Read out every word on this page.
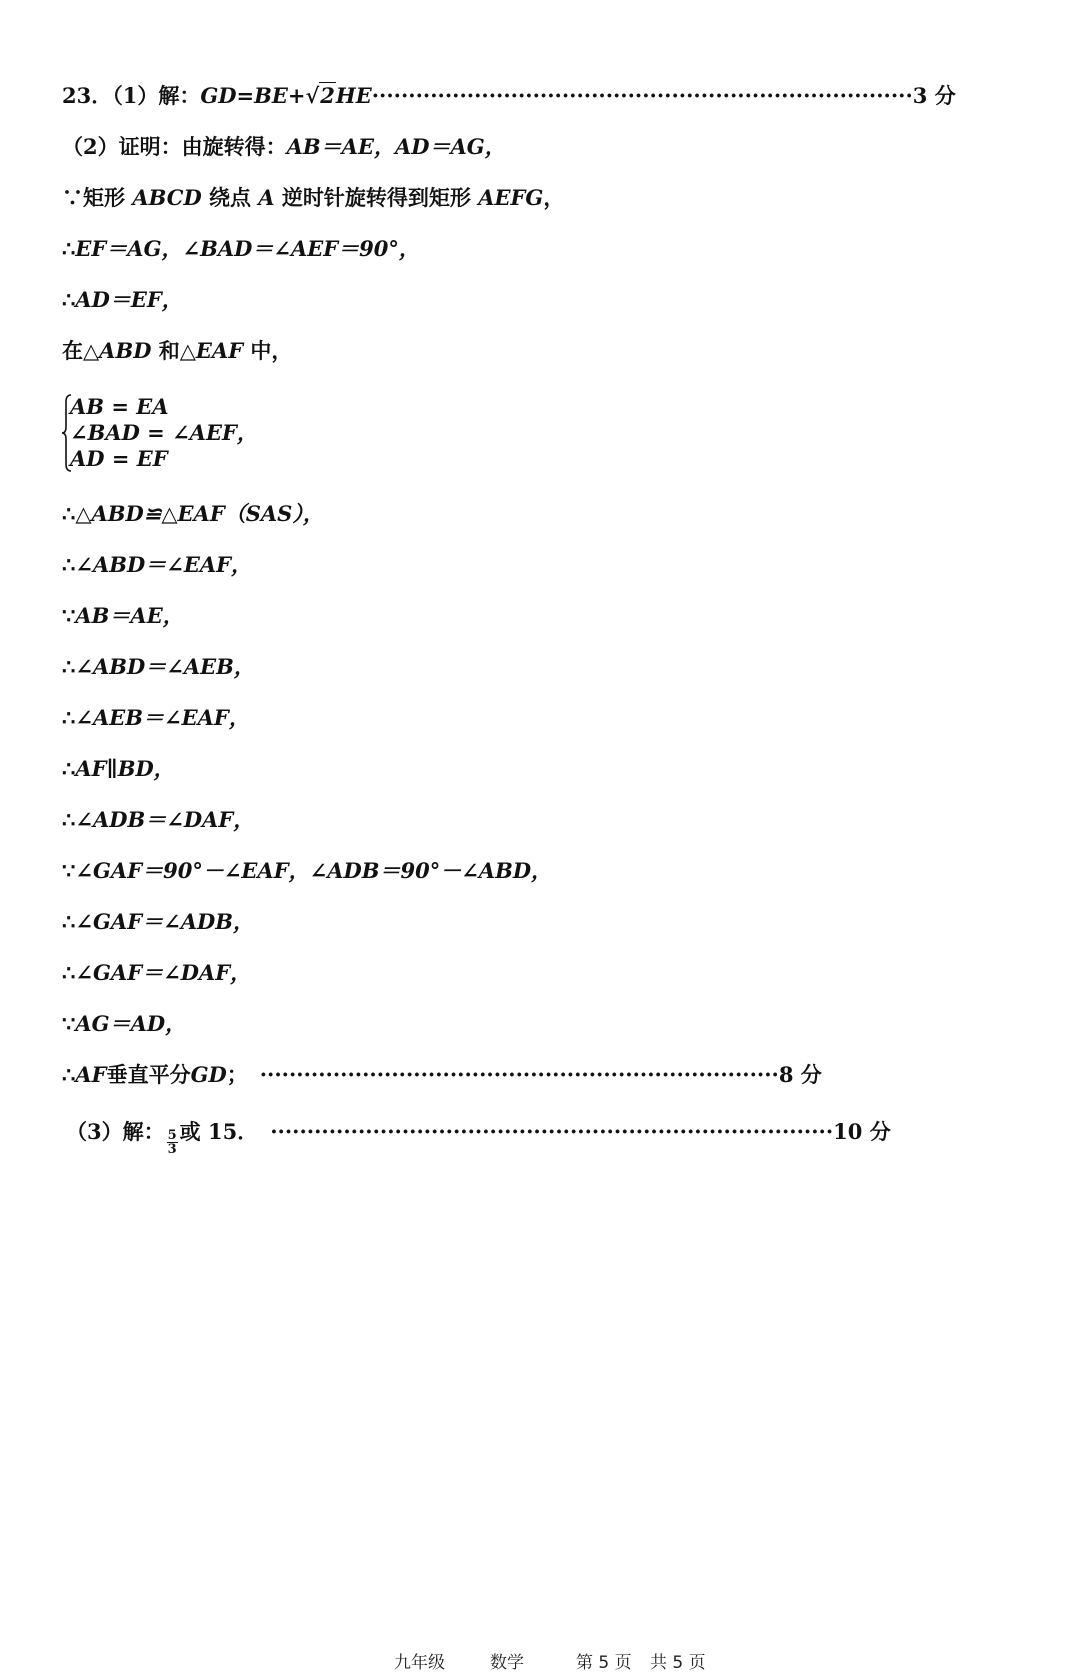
23．（1）解： GD=BE+ √2 HE ·········································································· 3 分
（2）证明：由旋转得：AB＝AE，AD＝AG，
∵矩形 ABCD 绕点 A 逆时针旋转得到矩形 AEFG，
∴EF＝AG，∠BAD＝∠AEF＝90°，
∴AD＝EF，
在△ABD 和△EAF 中，
AB = EA
∠BAD = ∠AEF，
AD = EF
∴△ABD≌△EAF（SAS），
∴∠ABD＝∠EAF，
∵AB＝AE，
∴∠ABD＝∠AEB，
∴∠AEB＝∠EAF，
∴AF∥BD，
∴∠ADB＝∠DAF，
∵∠GAF＝90°－∠EAF，∠ADB＝90°－∠ABD，
∴∠GAF＝∠ADB，
∴∠GAF＝∠DAF，
∵AG＝AD，
∴ AF 垂直平分 GD ； ······································································· 8 分
（3）解： $\frac{5}{3}$ 或 15． ············································································· 10 分
九年级	数学	第 5 页 共 5 页
